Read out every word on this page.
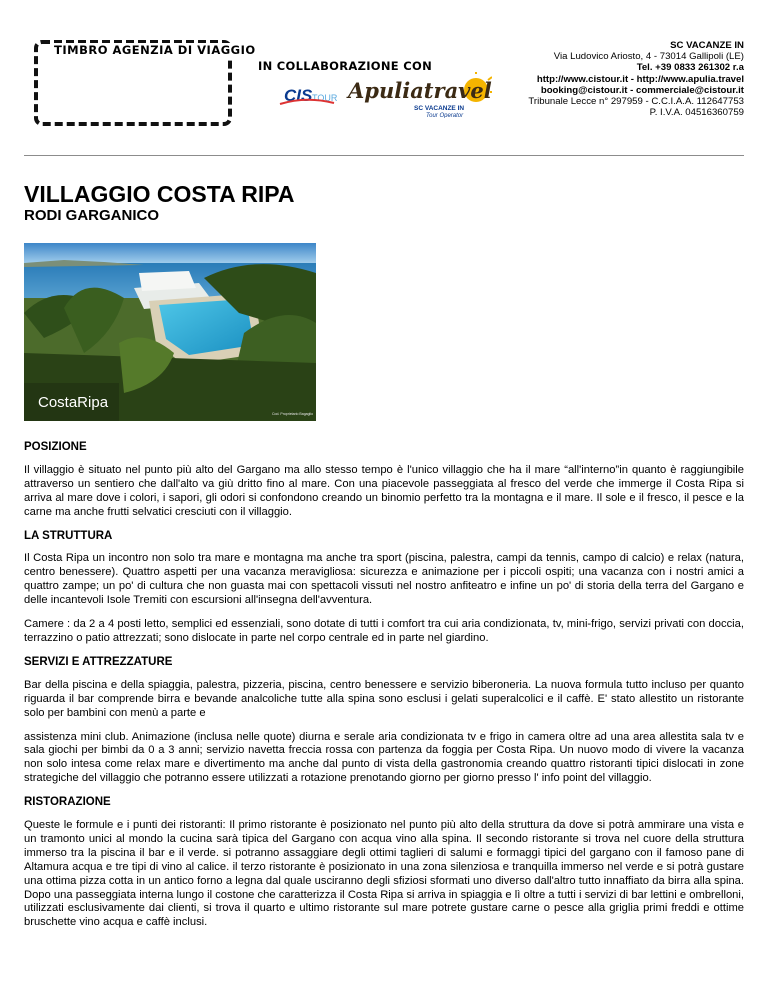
TIMBRO AGENZIA DI VIAGGIO
IN COLLABORAZIONE CON
CIS TOUR Apuliatravel
SC VACANZE IN
Tour Operator
SC VACANZE IN
Via Ludovico Ariosto, 4 - 73014 Gallipoli (LE)
Tel. +39 0833 261302 r.a
http://www.cistour.it - http://www.apulia.travel
booking@cistour.it - commerciale@cistour.it
Tribunale Lecce n° 297959 - C.C.I.A.A. 112647753
P. I.V.A. 04516360759
VILLAGGIO COSTA RIPA
RODI GARGANICO
CostaRipa
Cod. Proprietario Bagaglio
POSIZIONE

Il villaggio è situato nel punto più alto del Gargano ma allo stesso tempo è l'unico villaggio che ha il mare “all'interno”in quanto è raggiungibile attraverso un sentiero che dall'alto va giù dritto fino al mare. Con una piacevole passeggiata al fresco del verde che immerge il Costa Ripa si arriva al mare dove i colori, i sapori, gli odori si confondono creando un binomio perfetto tra la montagna e il mare. Il sole e il fresco, il pesce e la carne ma anche frutti selvatici cresciuti con il villaggio.

LA STRUTTURA

Il Costa Ripa un incontro non solo tra mare e montagna ma anche tra sport (piscina, palestra, campi da tennis, campo di calcio) e relax (natura, centro benessere). Quattro aspetti per una vacanza meravigliosa: sicurezza e animazione per i piccoli ospiti; una vacanza con i nostri amici a quattro zampe; un po' di cultura che non guasta mai con spettacoli vissuti nel nostro anfiteatro e infine un po' di storia della terra del Gargano e delle incantevoli Isole Tremiti con escursioni all'insegna dell'avventura.

Camere : da 2 a 4 posti letto, semplici ed essenziali, sono dotate di tutti i comfort tra cui aria condizionata, tv, mini-frigo, servizi privati con doccia, terrazzino o patio attrezzati; sono dislocate in parte nel corpo centrale ed in parte nel giardino.

SERVIZI E ATTREZZATURE

Bar della piscina e della spiaggia, palestra, pizzeria, piscina, centro benessere e servizio biberoneria. La nuova formula tutto incluso per quanto riguarda il bar comprende birra e bevande analcoliche tutte alla spina sono esclusi i gelati superalcolici e il caffè. E' stato allestito un ristorante solo per bambini con menù a parte e

assistenza mini club. Animazione (inclusa nelle quote) diurna e serale aria condizionata tv e frigo in camera oltre ad una area allestita sala tv e sala giochi per bimbi da 0 a 3 anni; servizio navetta freccia rossa con partenza da foggia per Costa Ripa. Un nuovo modo di vivere la vacanza non solo intesa come relax mare e divertimento ma anche dal punto di vista della gastronomia creando quattro ristoranti tipici dislocati in zone strategiche del villaggio che potranno essere utilizzati a rotazione prenotando giorno per giorno presso l' info point del villaggio.

RISTORAZIONE

Queste le formule e i punti dei ristoranti: Il primo ristorante è posizionato nel punto più alto della struttura da dove si potrà ammirare una vista e un tramonto unici al mondo la cucina sarà tipica del Gargano con acqua vino alla spina. Il secondo ristorante si trova nel cuore della struttura immerso tra la piscina il bar e il verde. si potranno assaggiare degli ottimi taglieri di salumi e formaggi tipici del gargano con il famoso pane di Altamura acqua e tre tipi di vino al calice. il terzo ristorante è posizionato in una zona silenziosa e tranquilla immerso nel verde e si potrà gustare una ottima pizza cotta in un antico forno a legna dal quale usciranno degli sfiziosi sformati uno diverso dall'altro tutto innaffiato da birra alla spina. Dopo una passeggiata interna lungo il costone che caratterizza il Costa Ripa si arriva in spiaggia e lì oltre a tutti i servizi di bar lettini e ombrelloni, utilizzati esclusivamente dai clienti, si trova il quarto e ultimo ristorante sul mare potrete gustare carne o pesce alla griglia primi freddi e ottime bruschette vino acqua e caffè inclusi.
